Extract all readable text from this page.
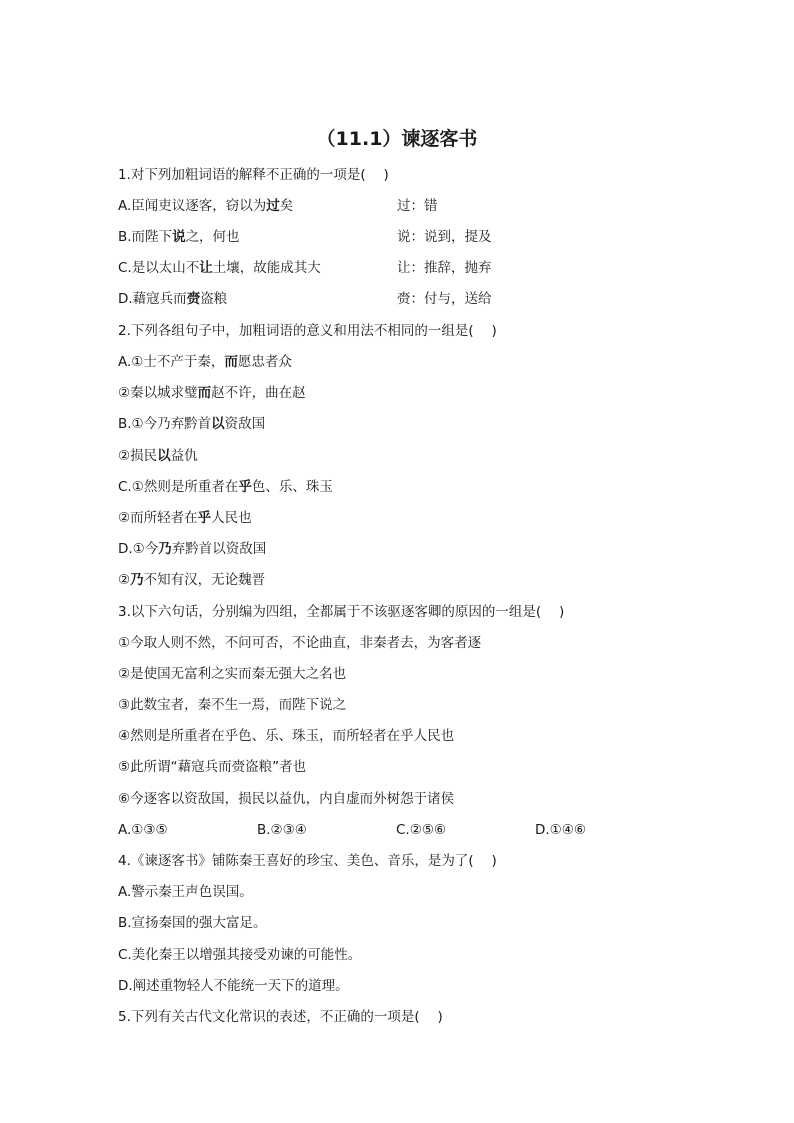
（11.1）谏逐客书
1.对下列加粗词语的解释不正确的一项是(　 )
A.臣闻吏议逐客，窃以为过矣	过：错
B.而陛下说之，何也	说：说到，提及
C.是以太山不让土壤，故能成其大	让：推辞，抛弃
D.藉寇兵而赍盗粮	赍：付与，送给
2.下列各组句子中，加粗词语的意义和用法不相同的一组是(　 )
A.①士不产于秦，而愿忠者众
②秦以城求璧而赵不许，曲在赵
B.①今乃弃黔首以资敌国
②损民以益仇
C.①然则是所重者在乎色、乐、珠玉
②而所轻者在乎人民也
D.①今乃弃黔首以资敌国
②乃不知有汉，无论魏晋
3.以下六句话，分别编为四组，全都属于不该驱逐客卿的原因的一组是(　 )
①今取人则不然，不问可否，不论曲直，非秦者去，为客者逐
②是使国无富利之实而秦无强大之名也
③此数宝者，秦不生一焉，而陛下说之
④然则是所重者在乎色、乐、珠玉，而所轻者在乎人民也
⑤此所谓“藉寇兵而赍盗粮”者也
⑥今逐客以资敌国，损民以益仇，内自虚而外树怨于诸侯
A.①③⑤	B.②③④	C.②⑤⑥	D.①④⑥
4.《谏逐客书》铺陈秦王喜好的珍宝、美色、音乐，是为了(　 )
A.警示秦王声色误国。
B.宣扬秦国的强大富足。
C.美化秦王以增强其接受劝谏的可能性。
D.阐述重物轻人不能统一天下的道理。
5.下列有关古代文化常识的表述，不正确的一项是(　 )
